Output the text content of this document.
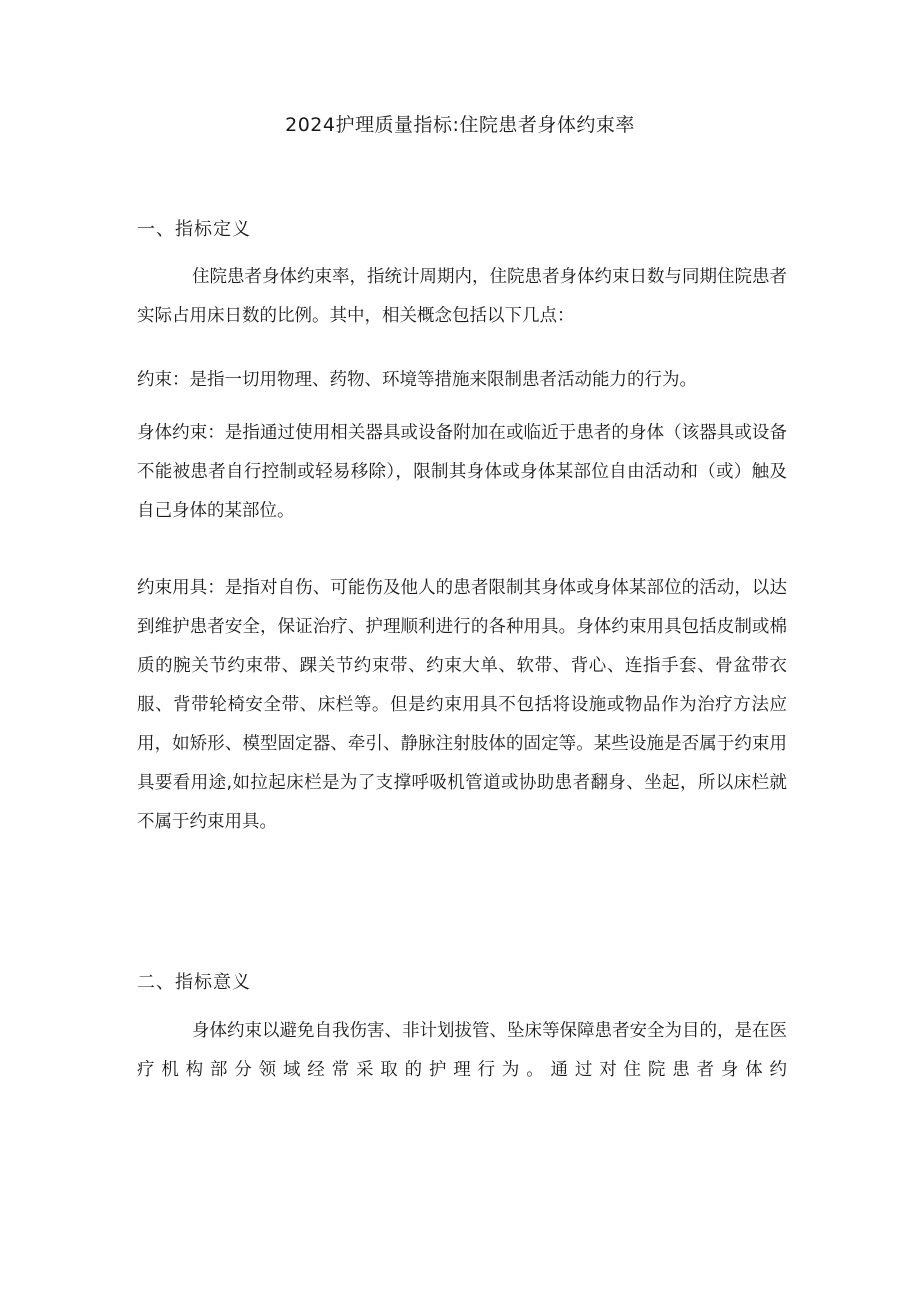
2024护理质量指标:住院患者身体约束率
一、指标定义

住院患者身体约束率，指统计周期内，住院患者身体约束日数与同期住院患者实际占用床日数的比例。其中，相关概念包括以下几点：

约束：是指一切用物理、药物、环境等措施来限制患者活动能力的行为。

身体约束：是指通过使用相关器具或设备附加在或临近于患者的身体（该器具或设备不能被患者自行控制或轻易移除），限制其身体或身体某部位自由活动和（或）触及自己身体的某部位。

约束用具：是指对自伤、可能伤及他人的患者限制其身体或身体某部位的活动，以达到维护患者安全，保证治疗、护理顺利进行的各种用具。身体约束用具包括皮制或棉质的腕关节约束带、踝关节约束带、约束大单、软带、背心、连指手套、骨盆带衣服、背带轮椅安全带、床栏等。但是约束用具不包括将设施或物品作为治疗方法应用，如矫形、模型固定器、牵引、静脉注射肢体的固定等。某些设施是否属于约束用具要看用途,如拉起床栏是为了支撑呼吸机管道或协助患者翻身、坐起，所以床栏就不属于约束用具。

二、指标意义

身体约束以避免自我伤害、非计划拔管、坠床等保障患者安全为目的，是在医疗机构部分领域经常采取的护理行为。通过对住院患者身体约
